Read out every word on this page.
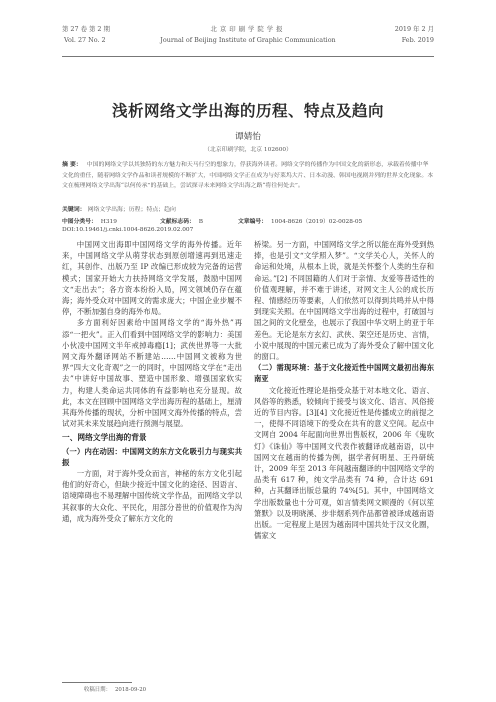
第 27 卷 第 2 期
Vol. 27 No. 2
北京印刷学院学报
Journal of Beijing Institute of Graphic Communication
2019 年 2 月
Feb. 2019
浅析网络文学出海的历程、特点及趋向
谭婧怡
（北京印刷学院，北京 102600）
摘 要： 中国的网络文学以其独特的东方魅力和天马行空的想象力，俘获海外读者。网络文学的传播作为中国文化的新形态，承载着传播中华文化的重任，随着网络文学作品和读者规模的不断扩大，中国网络文学正在成为与好莱坞大片、日本动漫、韩国电视剧并列的世界文化现象。本文在梳理网络文学出海“以何传承”的基础上，尝试探寻未来网络文学出海之路“将往何处去”。
关键词： 网络文学出海；历程；特点；趋向
中图分类号： H319	文献标志码： B	文章编号： 1004-8626（2019）02-0028-05
DOI:10.19461/j.cnki.1004-8626.2019.02.007

中国网文出海即中国网络文学的海外传播。近年来，中国网络文学从萌芽状态到原创增速再到迅速走红，其创作、出版乃至 IP 改编已形成较为完备的运营模式；国家开始大力扶持网络文学发展，鼓励中国网文“走出去”；各方资本纷纷入局，网文领域仍存在蕴海；海外受众对中国网文的需求庞大；中国企业步履不停，不断加强自身的海外布局。

多方面利好因素给中国网络文学的“海外热”再添“一把火”。正入们看到中国网络文学的影响力：美国小伙凌中国网文半年戒掉毒瘾[1]；武侠世界等一大批网文海外翻译网站不断建站……中国网文被称为世界“四大文化奇观”之一的同时，中国网络文学在“走出去”中讲好中国故事、塑造中国形象、增强国家软实力，构建人类命运共同体的有益影响也充分显现。故此，本文在回顾中国网络文学出海历程的基础上，厘清其海外传播的现状，分析中国网文海外传播的特点，尝试对其未来发展趋向进行预测与展望。

一、网络文学出海的背景
（一）内在动因：中国网文的东方文化吸引力与现实共振

一方面，对于海外受众而言，神秘的东方文化引起他们的好奇心，但缺少接近中国文化的途径、因语言、语境障碍也不易理解中国传统文学作品，而网络文学以其叙事的大众化、平民化，用部分普世的价值观作为沟通，成为海外受众了解东方文化的

桥梁。另一方面，中国网络文学之所以能在海外受到热捧，也是引文“文学照入梦”。“文学关心人，关怀人的命运和处境，从根本上说，就是关怀整个人类的生存和命运。”[2] 不同国籍的人们对于亲情、友爱等普适性的价值观理解，并不难于讲述，对网文主人公的成长历程、情感经历等要素，人们依然可以得到共鸣并从中得到现实关照。在中国网络文学出海的过程中，打破国与国之间的文化壁垒，也展示了我国中华文明上的亚于年差色。无论是东方玄幻、武侠、架空还是历史、言情，小说中展现的中国元素已成为了海外受众了解中国文化的窗口。

（二）需现环境：基于文化接近性中国网文最初出海东南亚

文化接近性理论是指受众基于对本地文化、语言、风俗等的熟悉，较倾向于接受与该文化、语言、风俗接近的节目内容。[3][4] 文化接近性是传播成立的前提之一，使得不同语境下的受众在共有的意义空间。起点中文网自 2004 年起面向世界出售版权，2006 年《鬼吹灯》《诛仙》等中国网文代表作被翻译成越南语，以中国网文在越南的传播为例，据学者何明星、王丹研统计，2009 年至 2013 年间越南翻译的中国网络文学的品类有 617 种，纯文学品类有 74 种，合计达 691 种，占其翻译出版总量的 74%[5]。其中，中国网络文学出版数量也十分可观，如言情类网文顾漫的《何以笙箫默》以及明晓溪、步非烟系列作品都曾被译成越南语出版。一定程度上是因为越南同中国共处于汉文化圈，儒家文

收稿日期： 2018-09-20
